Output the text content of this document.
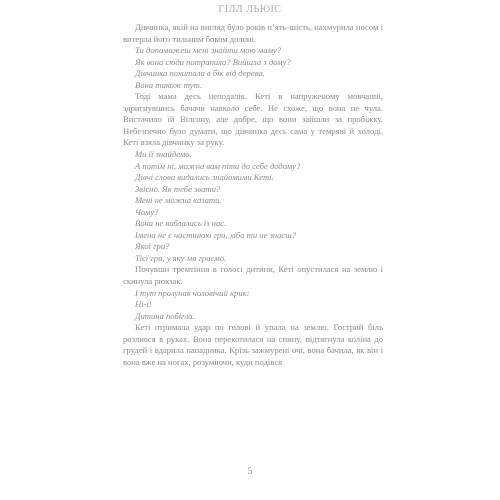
ГІЛЛ ЛЬЮІС

Дівчинка, якій на вигляд було років п’ять-шість, нахмурила носом і витерла його тильним боком долоні.

Ти допоможеш мені знайти мою маму?

Як вона сюди потрапила? Вийшла з дому?

Дівчинка похитала в бік від дерева.

Вона також тут.

Тоді мама десь неподалік. Кеті в напруженому мовчанні, здригнувшись бачачи навколо себе. Не схоже, що вона не чула. Вистачило їй Вілсону, але добре, що вони зайшли за пробіжку. Небезпечно було думати, що дівчинка десь сама у темряві й холоді. Кеті взяла дівчинку за руку.

Ми її знайдемо.

А потім ні, можна вам піти до себе додому?

Дівчі слова видались знайомими Кеті.

Звісно. Як тебе звати?

Мені не можна казати.

Чому?

Вона не виблалась із нас.

Імена не є частиною гри, хіба ти не знаєш?

Якої гри?

Тієї гри, у яку ми граємо.

Почувши тремтіння в голосі дитини, Кеті опустилася на землю і скинула рюкзак.

І тут пролунав чоловічий крик:

Ні-і!

Дитина побігла.

Кеті отримала удар по голові й упала на землю. Гострий біль розлився в руках. Вона перекотилася на спину, підтягнула коліна до грудей і вдарила нападника. Крізь зажмурені очі, вона бачила, як він і вона вже на ногах, розуміючи, куди подівся

5
